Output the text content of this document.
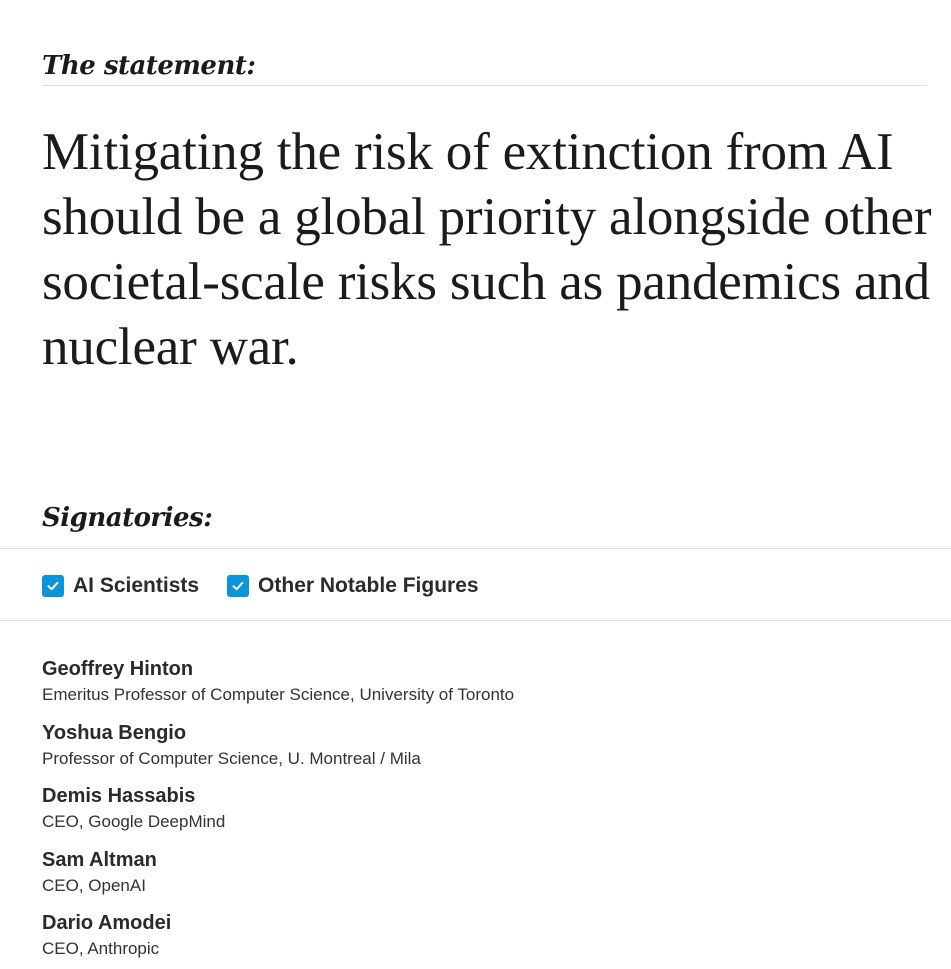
The statement:

Mitigating the risk of extinction from AI should be a global priority alongside other societal-scale risks such as pandemics and nuclear war.

Signatories:
AI Scientists	Other Notable Figures
Geoffrey Hinton
Emeritus Professor of Computer Science, University of Toronto
Yoshua Bengio
Professor of Computer Science, U. Montreal / Mila
Demis Hassabis
CEO, Google DeepMind
Sam Altman
CEO, OpenAI
Dario Amodei
CEO, Anthropic
